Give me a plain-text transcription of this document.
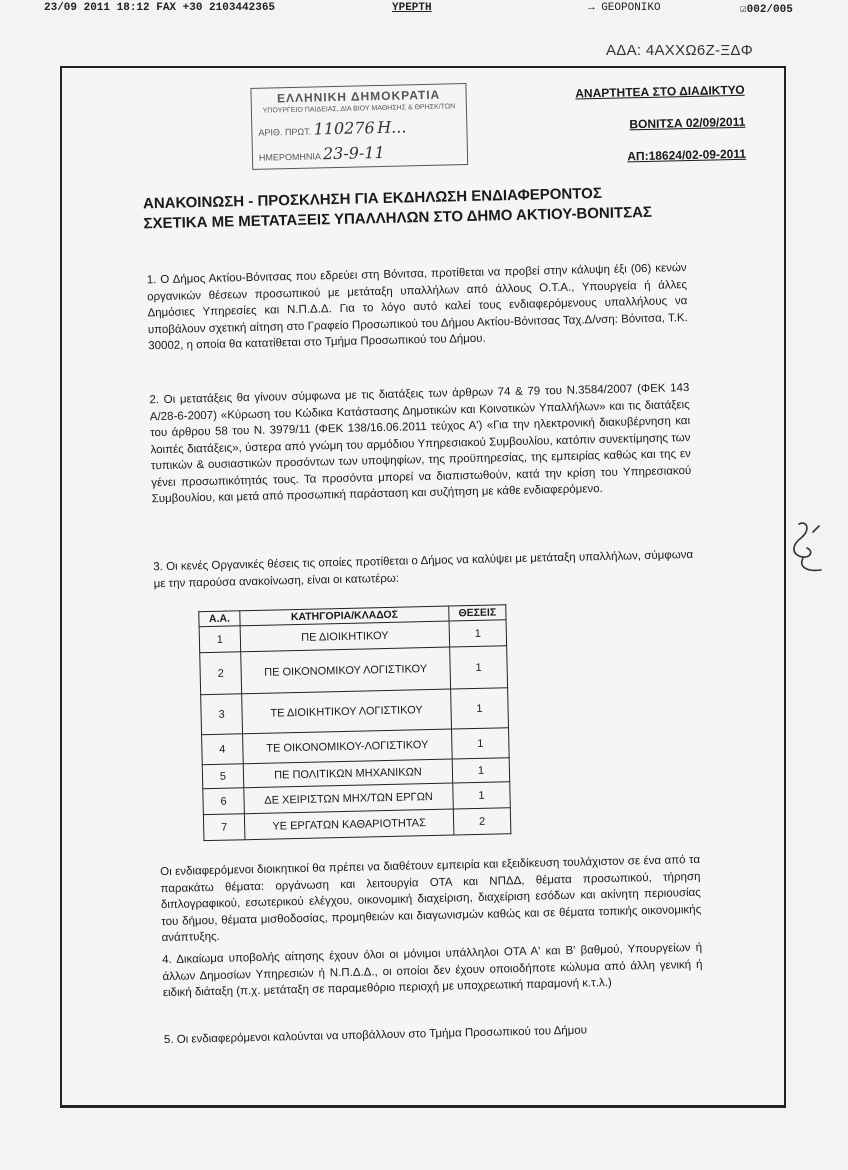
23/09 2011 18:12 FAX +30 2103442365	ΥΡΕΡΤΗ	→ GEOPONIKO	☑002/005
ΑΔΑ: 4ΑΧΧΩ6Ζ-ΞΔΦ
ΕΛΛΗΝΙΚΗ ΔΗΜΟΚΡΑΤΙΑ
ΥΠΟΥΡΓΕΙΟ ΠΑΙΔΕΙΑΣ, ΔΙΑ ΒΙΟΥ ΜΑΘΗΣΗΣ & ΘΡΗΣΚ/ΤΩΝ
ΑΡΙΘ. ΠΡΩΤ. 110276 Η...
ΗΜΕΡΟΜΗΝΙΑ 23-9-11
ΑΝΑΡΤΗΤΕΑ ΣΤΟ ΔΙΑΔΙΚΤΥΟ
ΒΟΝΙΤΣΑ 02/09/2011
ΑΠ:18624/02-09-2011
ΑΝΑΚΟΙΝΩΣΗ - ΠΡΟΣΚΛΗΣΗ ΓΙΑ ΕΚΔΗΛΩΣΗ ΕΝΔΙΑΦΕΡΟΝΤΟΣ ΣΧΕΤΙΚΑ ΜΕ ΜΕΤΑΤΑΞΕΙΣ ΥΠΑΛΛΗΛΩΝ ΣΤΟ ΔΗΜΟ ΑΚΤΙΟΥ-ΒΟΝΙΤΣΑΣ
1. Ο Δήμος Ακτίου-Βόνιτσας που εδρεύει στη Βόνιτσα, προτίθεται να προβεί στην κάλυψη έξι (06) κενών οργανικών θέσεων προσωπικού με μετάταξη υπαλλήλων από άλλους Ο.Τ.Α., Υπουργεία ή άλλες Δημόσιες Υπηρεσίες και Ν.Π.Δ.Δ. Για το λόγο αυτό καλεί τους ενδιαφερόμενους υπαλλήλους να υποβάλουν σχετική αίτηση στο Γραφείο Προσωπικού του Δήμου Ακτίου-Βόνιτσας Ταχ.Δ/νση: Βόνιτσα, Τ.Κ. 30002, η οποία θα κατατίθεται στο Τμήμα Προσωπικού του Δήμου.
2. Οι μετατάξεις θα γίνουν σύμφωνα με τις διατάξεις των άρθρων 74 & 79 του Ν.3584/2007 (ΦΕΚ 143 Α/28-6-2007) «Κύρωση του Κώδικα Κατάστασης Δημοτικών και Κοινοτικών Υπαλλήλων» και τις διατάξεις του άρθρου 58 του Ν. 3979/11 (ΦΕΚ 138/16.06.2011 τεύχος Α') «Για την ηλεκτρονική διακυβέρνηση και λοιπές διατάξεις», ύστερα από γνώμη του αρμόδιου Υπηρεσιακού Συμβουλίου, κατόπιν συνεκτίμησης των τυπικών & ουσιαστικών προσόντων των υποψηφίων, της προϋπηρεσίας, της εμπειρίας καθώς και της εν γένει προσωπικότητάς τους. Τα προσόντα μπορεί να διαπιστωθούν, κατά την κρίση του Υπηρεσιακού Συμβουλίου, και μετά από προσωπική παράσταση και συζήτηση με κάθε ενδιαφερόμενο.
3. Οι κενές Οργανικές θέσεις τις οποίες προτίθεται ο Δήμος να καλύψει με μετάταξη υπαλλήλων, σύμφωνα με την παρούσα ανακοίνωση, είναι οι κατωτέρω:
Α.Α.	ΚΑΤΗΓΟΡΙΑ/ΚΛΑΔΟΣ	ΘΕΣΕΙΣ
1	ΠΕ ΔΙΟΙΚΗΤΙΚΟΥ	1
2	ΠΕ ΟΙΚΟΝΟΜΙΚΟΥ ΛΟΓΙΣΤΙΚΟΥ	1
3	ΤΕ ΔΙΟΙΚΗΤΙΚΟΥ ΛΟΓΙΣΤΙΚΟΥ	1
4	ΤΕ ΟΙΚΟΝΟΜΙΚΟΥ-ΛΟΓΙΣΤΙΚΟΥ	1
5	ΠΕ ΠΟΛΙΤΙΚΩΝ ΜΗΧΑΝΙΚΩΝ	1
6	ΔΕ ΧΕΙΡΙΣΤΩΝ ΜΗΧ/ΤΩΝ ΕΡΓΩΝ	1
7	ΥΕ ΕΡΓΑΤΩΝ ΚΑΘΑΡΙΟΤΗΤΑΣ	2
Οι ενδιαφερόμενοι διοικητικοί θα πρέπει να διαθέτουν εμπειρία και εξειδίκευση τουλάχιστον σε ένα από τα παρακάτω θέματα: οργάνωση και λειτουργία ΟΤΑ και ΝΠΔΔ, θέματα προσωπικού, τήρηση διπλογραφικού, εσωτερικού ελέγχου, οικονομική διαχείριση, διαχείριση εσόδων και ακίνητη περιουσίας του δήμου, θέματα μισθοδοσίας, προμηθειών και διαγωνισμών καθώς και σε θέματα τοπικής οικονομικής ανάπτυξης.
4. Δικαίωμα υποβολής αίτησης έχουν όλοι οι μόνιμοι υπάλληλοι ΟΤΑ Α' και Β' βαθμού, Υπουργείων ή άλλων Δημοσίων Υπηρεσιών ή Ν.Π.Δ.Δ., οι οποίοι δεν έχουν οποιοδήποτε κώλυμα από άλλη γενική ή ειδική διάταξη (π.χ. μετάταξη σε παραμεθόριο περιοχή με υποχρεωτική παραμονή κ.τ.λ.)
5. Οι ενδιαφερόμενοι καλούνται να υποβάλλουν στο Τμήμα Προσωπικού του Δήμου
